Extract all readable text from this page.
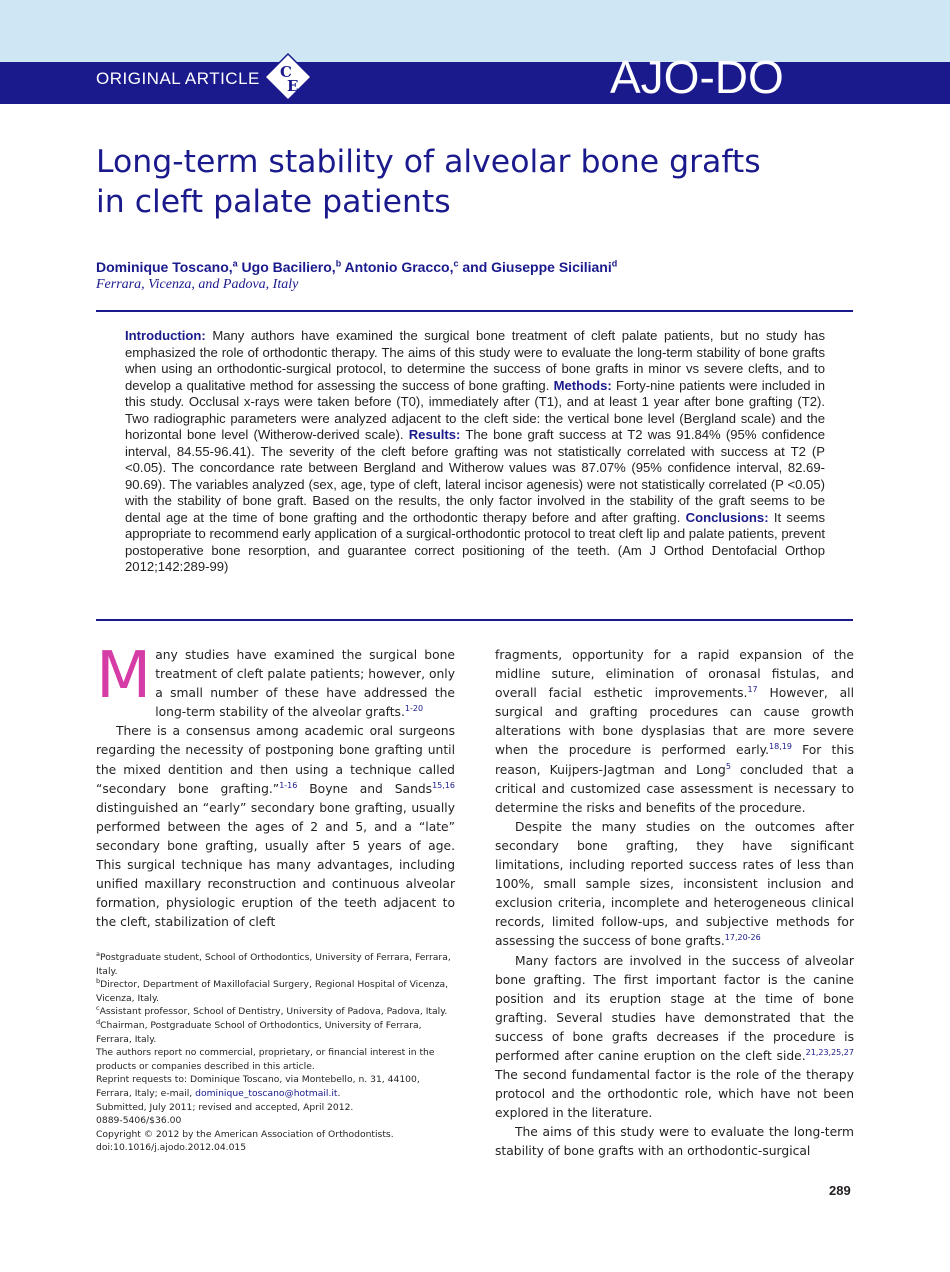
ORIGINAL ARTICLE C
E	AJO-DO
Long-term stability of alveolar bone grafts
in cleft palate patients
Dominique Toscano,$^a$ Ugo Baciliero,$^b$ Antonio Gracco,$^c$ and Giuseppe Siciliani$^d$
Ferrara, Vicenza, and Padova, Italy
Introduction: Many authors have examined the surgical bone treatment of cleft palate patients, but no study has emphasized the role of orthodontic therapy. The aims of this study were to evaluate the long-term stability of bone grafts when using an orthodontic-surgical protocol, to determine the success of bone grafts in minor vs severe clefts, and to develop a qualitative method for assessing the success of bone grafting. Methods: Forty-nine patients were included in this study. Occlusal x-rays were taken before (T0), immediately after (T1), and at least 1 year after bone grafting (T2). Two radiographic parameters were analyzed adjacent to the cleft side: the vertical bone level (Bergland scale) and the horizontal bone level (Witherow-derived scale). Results: The bone graft success at T2 was 91.84% (95% confidence interval, 84.55-96.41). The severity of the cleft before grafting was not statistically correlated with success at T2 (P <0.05). The concordance rate between Bergland and Witherow values was 87.07% (95% confidence interval, 82.69-90.69). The variables analyzed (sex, age, type of cleft, lateral incisor agenesis) were not statistically correlated (P <0.05) with the stability of bone graft. Based on the results, the only factor involved in the stability of the graft seems to be dental age at the time of bone grafting and the orthodontic therapy before and after grafting. Conclusions: It seems appropriate to recommend early application of a surgical-orthodontic protocol to treat cleft lip and palate patients, prevent postoperative bone resorption, and guarantee correct positioning of the teeth. (Am J Orthod Dentofacial Orthop 2012;142:289-99)

Many studies have examined the surgical bone treatment of cleft palate patients; however, only a small number of these have addressed the long-term stability of the alveolar grafts.$^{1-20}$

There is a consensus among academic oral surgeons regarding the necessity of postponing bone grafting until the mixed dentition and then using a technique called “secondary bone grafting.”$^{1-16}$ Boyne and Sands$^{15,16}$ distinguished an “early” secondary bone grafting, usually performed between the ages of 2 and 5, and a “late” secondary bone grafting, usually after 5 years of age. This surgical technique has many advantages, including unified maxillary reconstruction and continuous alveolar formation, physiologic eruption of the teeth adjacent to the cleft, stabilization of cleft

$^a$Postgraduate student, School of Orthodontics, University of Ferrara, Ferrara, Italy.

$^b$Director, Department of Maxillofacial Surgery, Regional Hospital of Vicenza, Vicenza, Italy.

$^c$Assistant professor, School of Dentistry, University of Padova, Padova, Italy.

$^d$Chairman, Postgraduate School of Orthodontics, University of Ferrara, Ferrara, Italy.

The authors report no commercial, proprietary, or financial interest in the products or companies described in this article.

Reprint requests to: Dominique Toscano, via Montebello, n. 31, 44100, Ferrara, Italy; e-mail, dominique_toscano@hotmail.it.

Submitted, July 2011; revised and accepted, April 2012.

0889-5406/$36.00

Copyright © 2012 by the American Association of Orthodontists.

doi:10.1016/j.ajodo.2012.04.015

fragments, opportunity for a rapid expansion of the midline suture, elimination of oronasal fistulas, and overall facial esthetic improvements.$^{17}$ However, all surgical and grafting procedures can cause growth alterations with bone dysplasias that are more severe when the procedure is performed early.$^{18,19}$ For this reason, Kuijpers-Jagtman and Long$^5$ concluded that a critical and customized case assessment is necessary to determine the risks and benefits of the procedure.

Despite the many studies on the outcomes after secondary bone grafting, they have significant limitations, including reported success rates of less than 100%, small sample sizes, inconsistent inclusion and exclusion criteria, incomplete and heterogeneous clinical records, limited follow-ups, and subjective methods for assessing the success of bone grafts.$^{17,20-26}$

Many factors are involved in the success of alveolar bone grafting. The first important factor is the canine position and its eruption stage at the time of bone grafting. Several studies have demonstrated that the success of bone grafts decreases if the procedure is performed after canine eruption on the cleft side.$^{21,23,25,27}$ The second fundamental factor is the role of the therapy protocol and the orthodontic role, which have not been explored in the literature.

The aims of this study were to evaluate the long-term stability of bone grafts with an orthodontic-surgical

289
